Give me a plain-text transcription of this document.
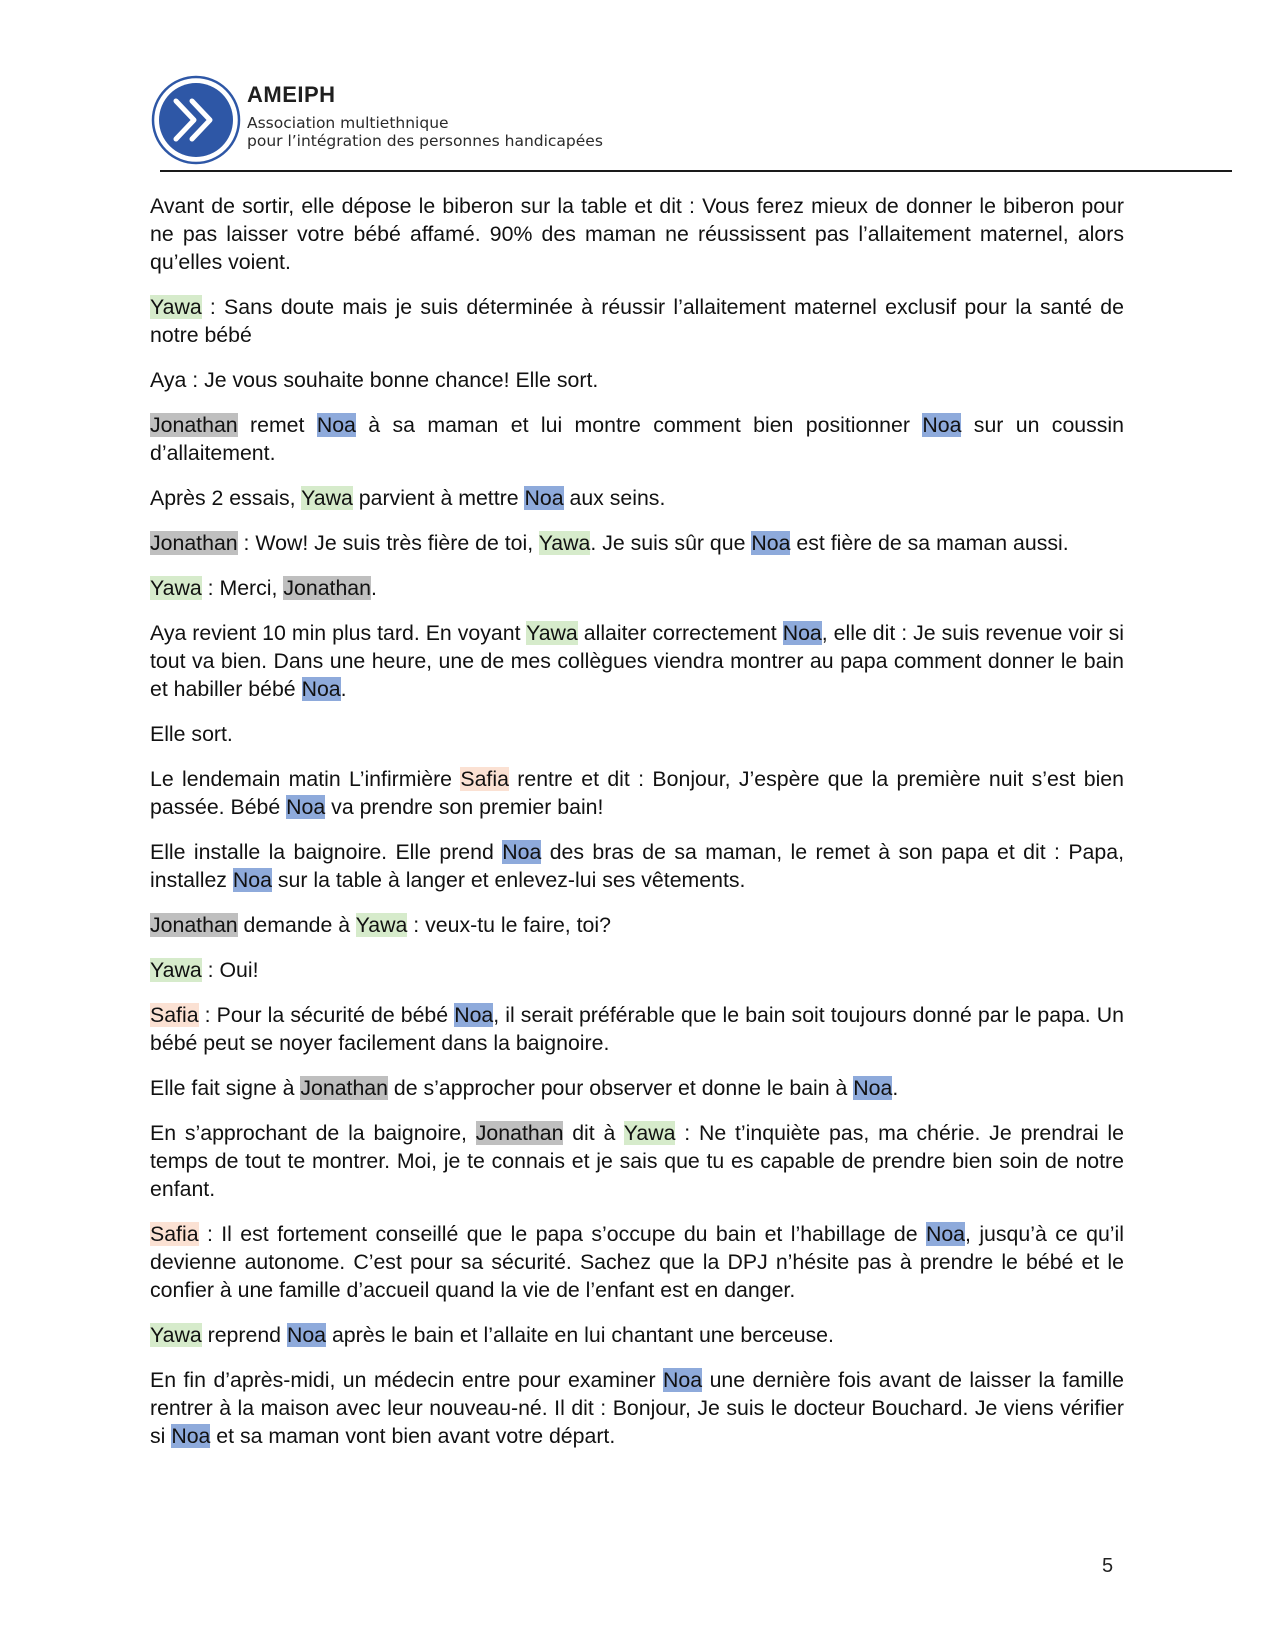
AMEIPH
Association multiethnique
pour l’intégration des personnes handicapées

Avant de sortir, elle dépose le biberon sur la table et dit : Vous ferez mieux de donner le biberon pour ne pas laisser votre bébé affamé. 90% des maman ne réussissent pas l’allaitement maternel, alors qu’elles voient.

Yawa : Sans doute mais je suis déterminée à réussir l’allaitement maternel exclusif pour la santé de notre bébé

Aya : Je vous souhaite bonne chance! Elle sort.

Jonathan remet Noa à sa maman et lui montre comment bien positionner Noa sur un coussin d’allaitement.

Après 2 essais, Yawa parvient à mettre Noa aux seins.

Jonathan : Wow! Je suis très fière de toi, Yawa. Je suis sûr que Noa est fière de sa maman aussi.

Yawa : Merci, Jonathan.

Aya revient 10 min plus tard. En voyant Yawa allaiter correctement Noa, elle dit : Je suis revenue voir si tout va bien. Dans une heure, une de mes collègues viendra montrer au papa comment donner le bain et habiller bébé Noa.

Elle sort.

Le lendemain matin L’infirmière Safia rentre et dit : Bonjour, J’espère que la première nuit s’est bien passée. Bébé Noa va prendre son premier bain!

Elle installe la baignoire. Elle prend Noa des bras de sa maman, le remet à son papa et dit : Papa, installez Noa sur la table à langer et enlevez-lui ses vêtements.

Jonathan demande à Yawa : veux-tu le faire, toi?

Yawa : Oui!

Safia : Pour la sécurité de bébé Noa, il serait préférable que le bain soit toujours donné par le papa. Un bébé peut se noyer facilement dans la baignoire.

Elle fait signe à Jonathan de s’approcher pour observer et donne le bain à Noa.

En s’approchant de la baignoire, Jonathan dit à Yawa : Ne t’inquiète pas, ma chérie. Je prendrai le temps de tout te montrer. Moi, je te connais et je sais que tu es capable de prendre bien soin de notre enfant.

Safia : Il est fortement conseillé que le papa s’occupe du bain et l’habillage de Noa, jusqu’à ce qu’il devienne autonome. C’est pour sa sécurité. Sachez que la DPJ n’hésite pas à prendre le bébé et le confier à une famille d’accueil quand la vie de l’enfant est en danger.

Yawa reprend Noa après le bain et l’allaite en lui chantant une berceuse.

En fin d’après-midi, un médecin entre pour examiner Noa une dernière fois avant de laisser la famille rentrer à la maison avec leur nouveau-né. Il dit : Bonjour, Je suis le docteur Bouchard. Je viens vérifier si Noa et sa maman vont bien avant votre départ.

5
